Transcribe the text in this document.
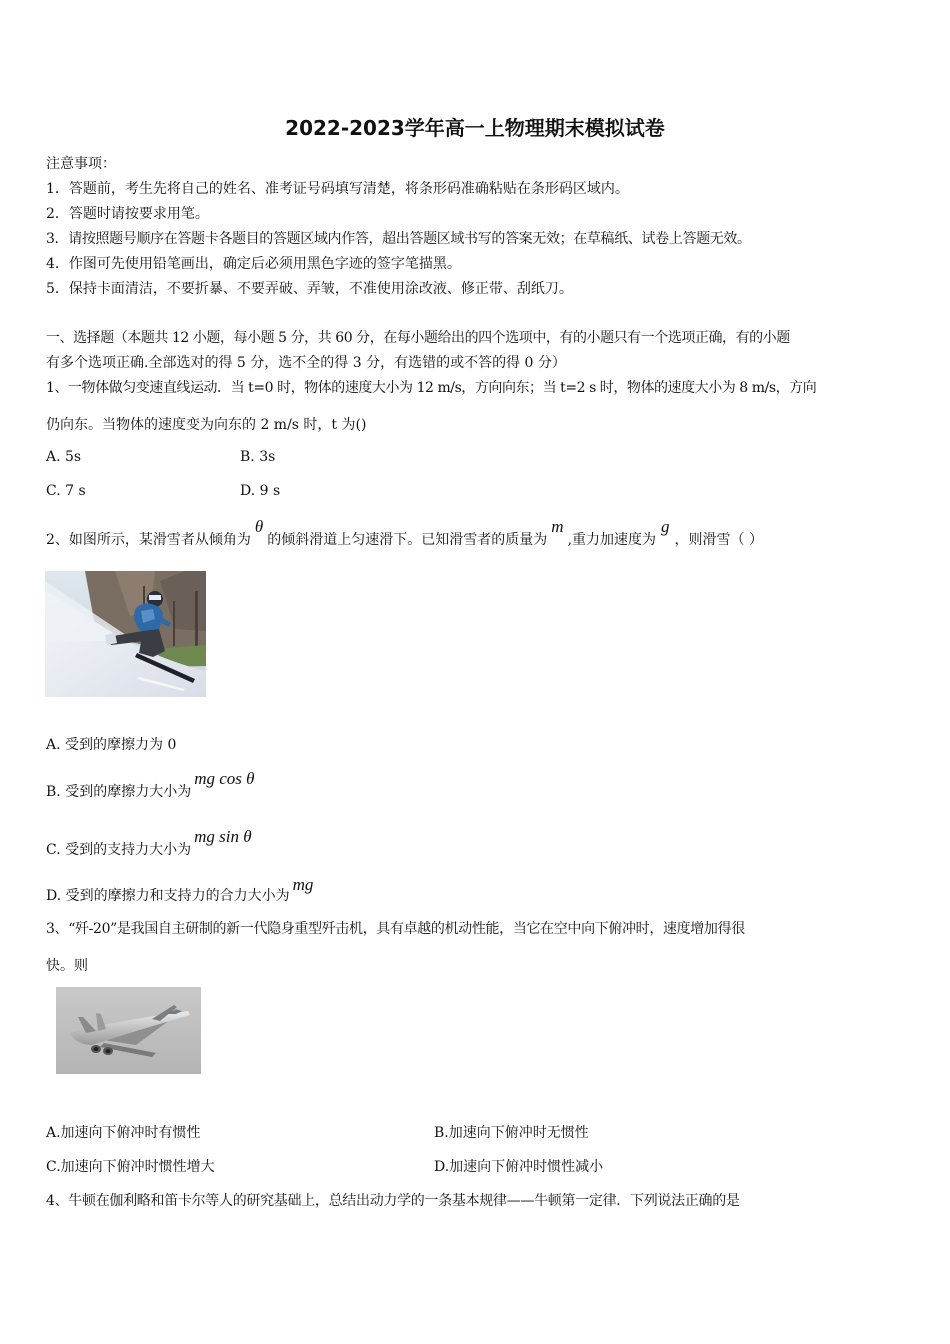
2022-2023学年高一上物理期末模拟试卷
注意事项：
1．答题前，考生先将自己的姓名、准考证号码填写清楚，将条形码准确粘贴在条形码区域内。
2．答题时请按要求用笔。
3．请按照题号顺序在答题卡各题目的答题区域内作答，超出答题区域书写的答案无效；在草稿纸、试卷上答题无效。
4．作图可先使用铅笔画出，确定后必须用黑色字迹的签字笔描黑。
5．保持卡面清洁，不要折暴、不要弄破、弄皱，不准使用涂改液、修正带、刮纸刀。
一、选择题（本题共 12 小题，每小题 5 分，共 60 分，在每小题给出的四个选项中，有的小题只有一个选项正确，有的小题
有多个选项正确.全部选对的得 5 分，选不全的得 3 分，有选错的或不答的得 0 分）
1、一物体做匀变速直线运动．当 t=0 时，物体的速度大小为 12 m/s，方向向东；当 t=2 s 时，物体的速度大小为 8 m/s，方向
仍向东。当物体的速度变为向东的 2 m/s 时，t 为()
A. 5s	B. 3s
C. 7 s	D. 9 s
2、如图所示，某滑雪者从倾角为θ的倾斜滑道上匀速滑下。已知滑雪者的质量为m,重力加速度为g，则滑雪（ ）
A. 受到的摩擦力为 0
B. 受到的摩擦力大小为mg cos θ
C. 受到的支持力大小为mg sin θ
D. 受到的摩擦力和支持力的合力大小为mg
3、“歼-20”是我国自主研制的新一代隐身重型歼击机，具有卓越的机动性能，当它在空中向下俯冲时，速度增加得很
快。则
A.加速向下俯冲时有惯性	B.加速向下俯冲时无惯性
C.加速向下俯冲时惯性增大	D.加速向下俯冲时惯性减小
4、牛顿在伽利略和笛卡尔等人的研究基础上，总结出动力学的一条基本规律——牛顿第一定律．下列说法正确的是
